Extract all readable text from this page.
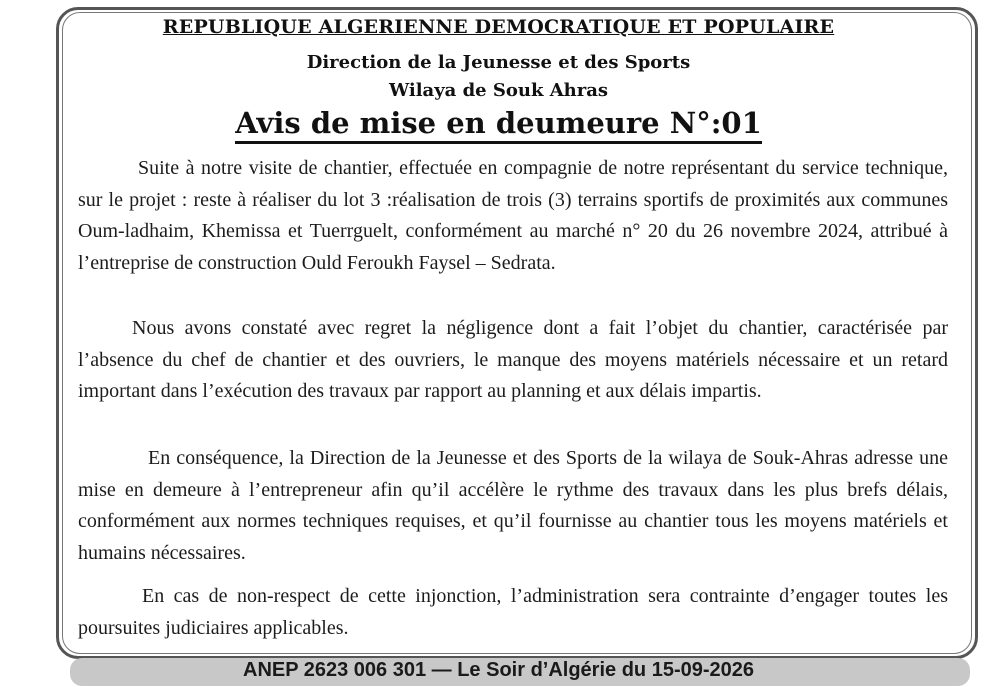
REPUBLIQUE ALGERIENNE DEMOCRATIQUE ET POPULAIRE
Direction de la Jeunesse et des Sports
Wilaya de Souk Ahras
Avis de mise en deumeure N°:01

Suite à notre visite de chantier, effectuée en compagnie de notre représentant du service technique, sur le projet : reste à réaliser du lot 3 :réalisation de trois (3) terrains sportifs de proximités aux communes Oum-ladhaim, Khemissa et Tuerrguelt, conformément au marché n° 20 du 26 novembre 2024, attribué à l’entreprise de construction Ould Feroukh Faysel – Sedrata.

Nous avons constaté avec regret la négligence dont a fait l’objet du chantier, caractérisée par l’absence du chef de chantier et des ouvriers, le manque des moyens matériels nécessaire et un retard important dans l’exécution des travaux par rapport au planning et aux délais impartis.

En conséquence, la Direction de la Jeunesse et des Sports de la wilaya de Souk-Ahras adresse une mise en demeure à l’entrepreneur afin qu’il accélère le rythme des travaux dans les plus brefs délais, conformément aux normes techniques requises, et qu’il fournisse au chantier tous les moyens matériels et humains nécessaires.

En cas de non-respect de cette injonction, l’administration sera contrainte d’engager toutes les poursuites judiciaires applicables.

ANEP 2623 006 301 — Le Soir d’Algérie du 15-09-2026
